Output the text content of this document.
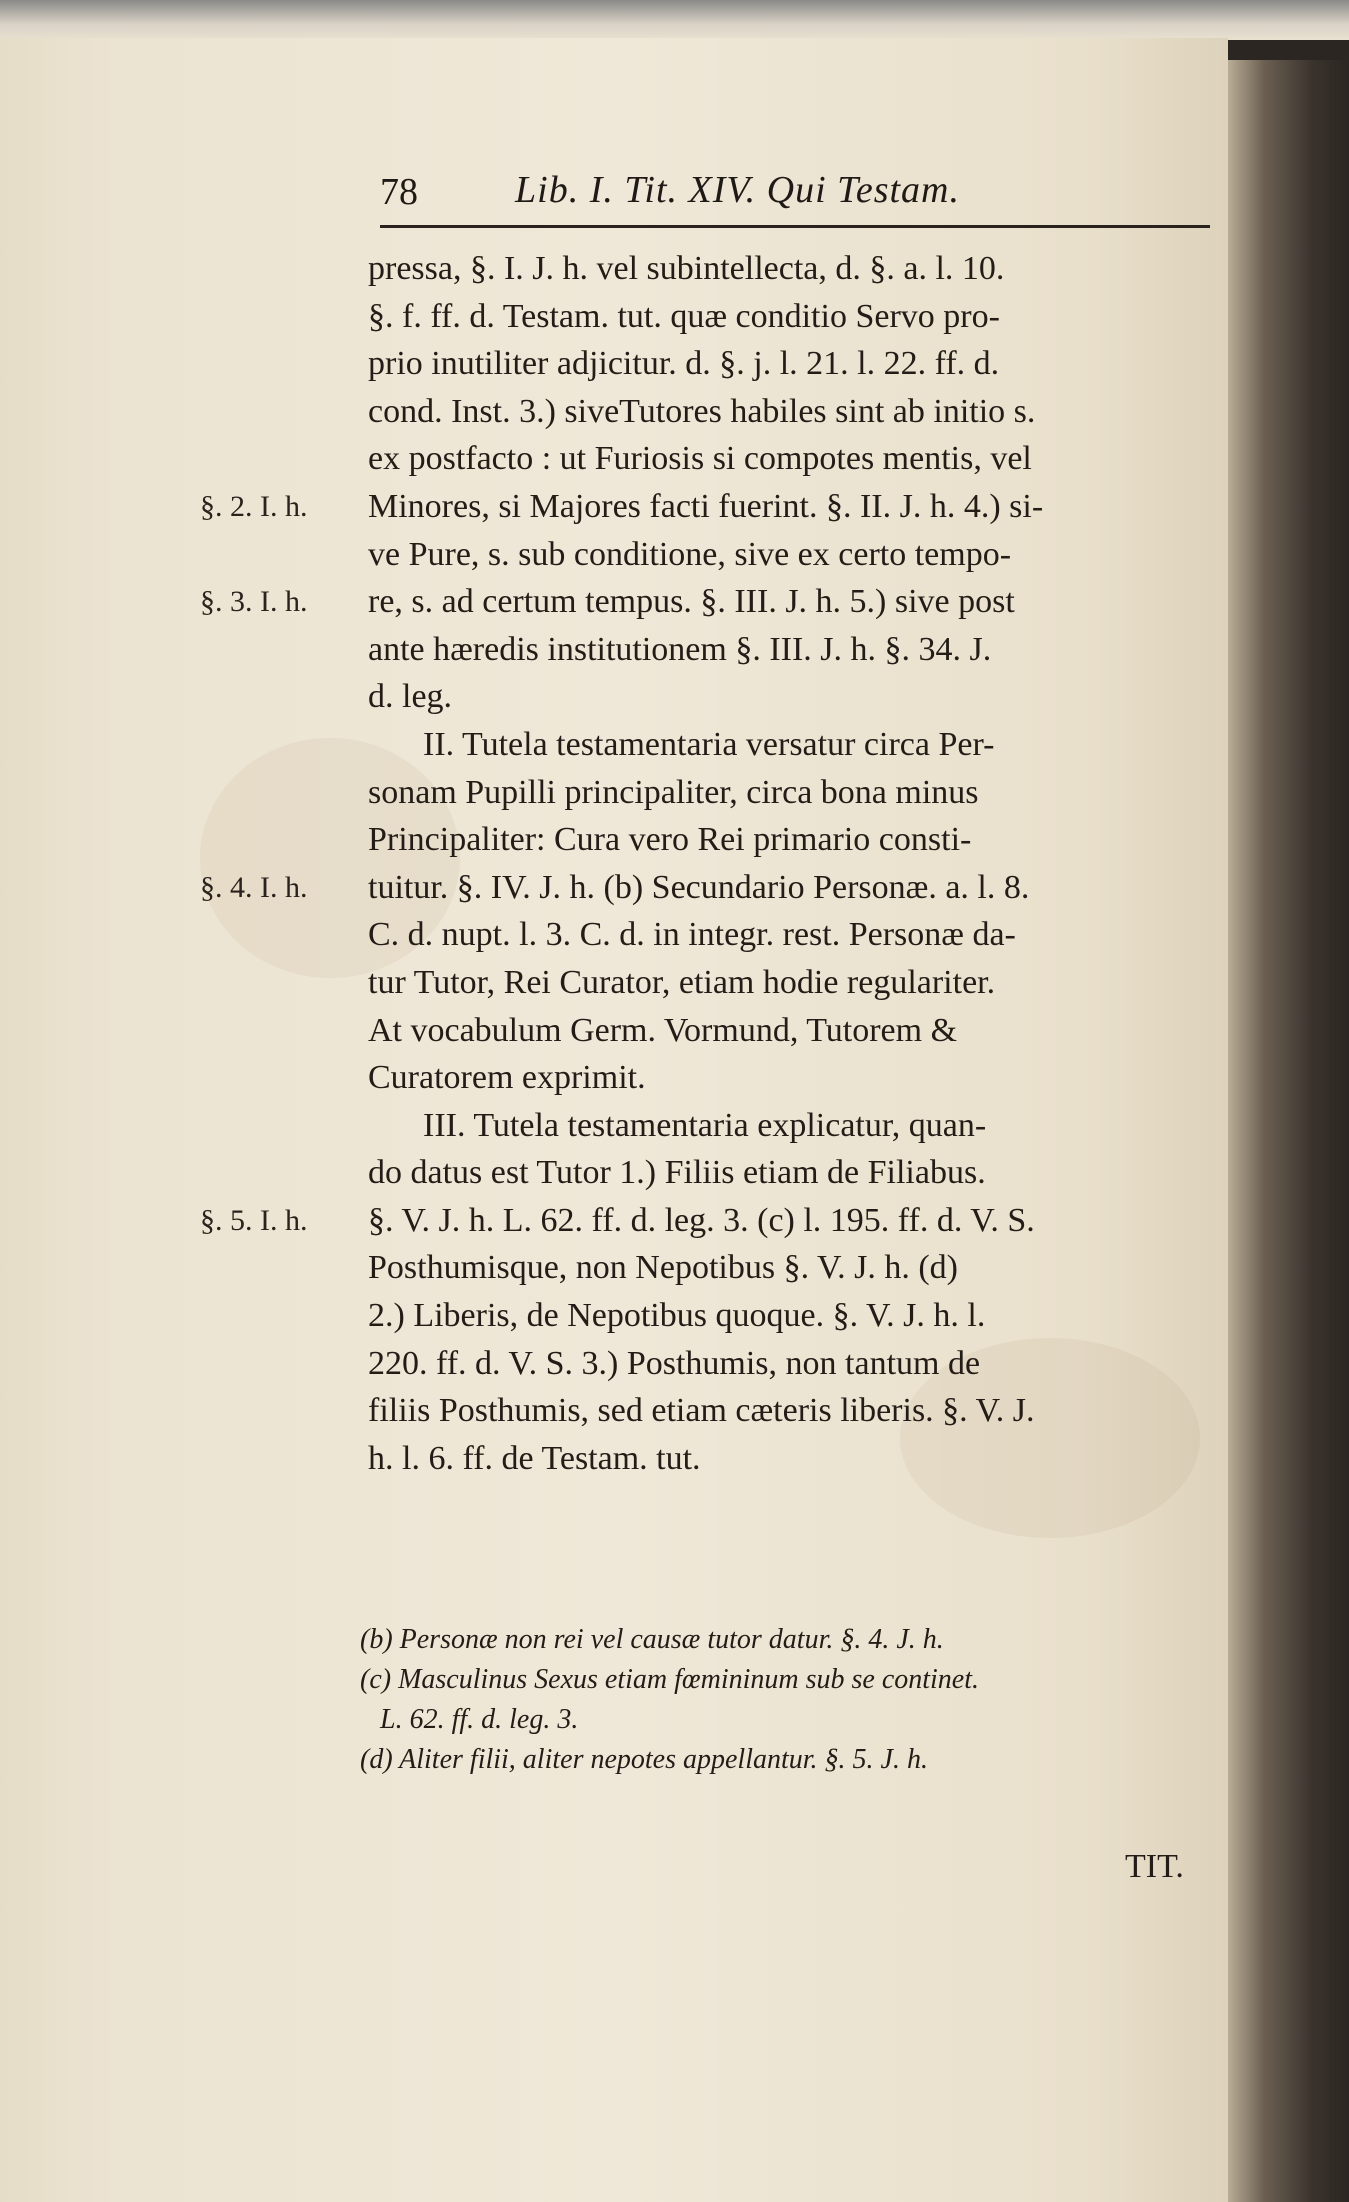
78	Lib. I. Tit. XIV. Qui Testam.
§. 2. I. h.
§. 3. I. h.
§. 4. I. h.
§. 5. I. h.
pressa, §. I. J. h. vel subintellecta, d. §. a. l. 10.
§. f. ff. d. Testam. tut. quæ conditio Servo pro-
prio inutiliter adjicitur. d. §. j. l. 21. l. 22. ff. d.
cond. Inst. 3.) siveTutores habiles sint ab initio s.
ex postfacto : ut Furiosis si compotes mentis, vel
Minores, si Majores facti fuerint. §. II. J. h. 4.) si-
ve Pure, s. sub conditione, sive ex certo tempo-
re, s. ad certum tempus. §. III. J. h. 5.) sive post
ante hæredis institutionem §. III. J. h. §. 34. J.
d. leg.
II. Tutela testamentaria versatur circa Per-
sonam Pupilli principaliter, circa bona minus
Principaliter: Cura vero Rei primario consti-
tuitur. §. IV. J. h. (b) Secundario Personæ. a. l. 8.
C. d. nupt. l. 3. C. d. in integr. rest. Personæ da-
tur Tutor, Rei Curator, etiam hodie regulariter.
At vocabulum Germ. Vormund, Tutorem &
Curatorem exprimit.
III. Tutela testamentaria explicatur, quan-
do datus est Tutor 1.) Filiis etiam de Filiabus.
§. V. J. h. L. 62. ff. d. leg. 3. (c) l. 195. ff. d. V. S.
Posthumisque, non Nepotibus §. V. J. h. (d)
2.) Liberis, de Nepotibus quoque. §. V. J. h. l.
220. ff. d. V. S. 3.) Posthumis, non tantum de
filiis Posthumis, sed etiam cæteris liberis. §. V. J.
h. l. 6. ff. de Testam. tut.
(b) Personæ non rei vel causæ tutor datur. §. 4. J. h.
(c) Masculinus Sexus etiam fœmininum sub se continet.
L. 62. ff. d. leg. 3.
(d) Aliter filii, aliter nepotes appellantur. §. 5. J. h.
TIT.
